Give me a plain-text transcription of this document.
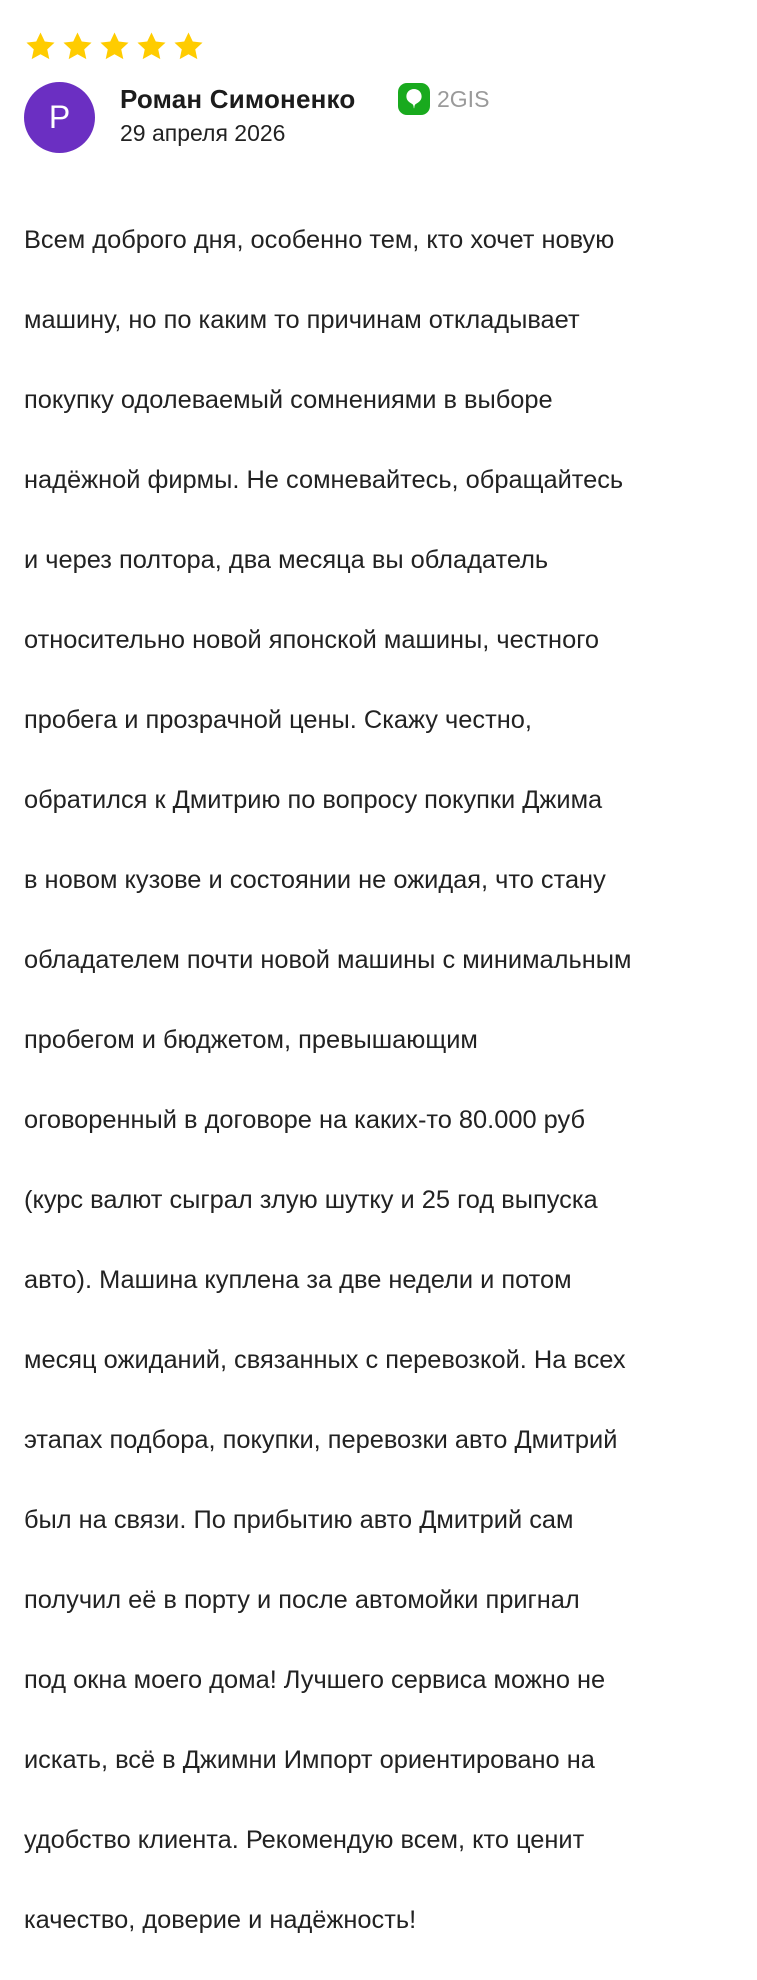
Р Роман Симоненко	2GIS
29 апреля 2026

Всем доброго дня, особенно тем, кто хочет новую

машину, но по каким то причинам откладывает

покупку одолеваемый сомнениями в выборе

надёжной фирмы. Не сомневайтесь, обращайтесь

и через полтора, два месяца вы обладатель

относительно новой японской машины, честного

пробега и прозрачной цены. Скажу честно,

обратился к Дмитрию по вопросу покупки Джима

в новом кузове и состоянии не ожидая, что стану

обладателем почти новой машины с минимальным

пробегом и бюджетом, превышающим

оговоренный в договоре на каких-то 80.000 руб

(курс валют сыграл злую шутку и 25 год выпуска

авто). Машина куплена за две недели и потом

месяц ожиданий, связанных с перевозкой. На всех

этапах подбора, покупки, перевозки авто Дмитрий

был на связи. По прибытию авто Дмитрий сам

получил её в порту и после автомойки пригнал

под окна моего дома! Лучшего сервиса можно не

искать, всё в Джимни Импорт ориентировано на

удобство клиента. Рекомендую всем, кто ценит

качество, доверие и надёжность!
